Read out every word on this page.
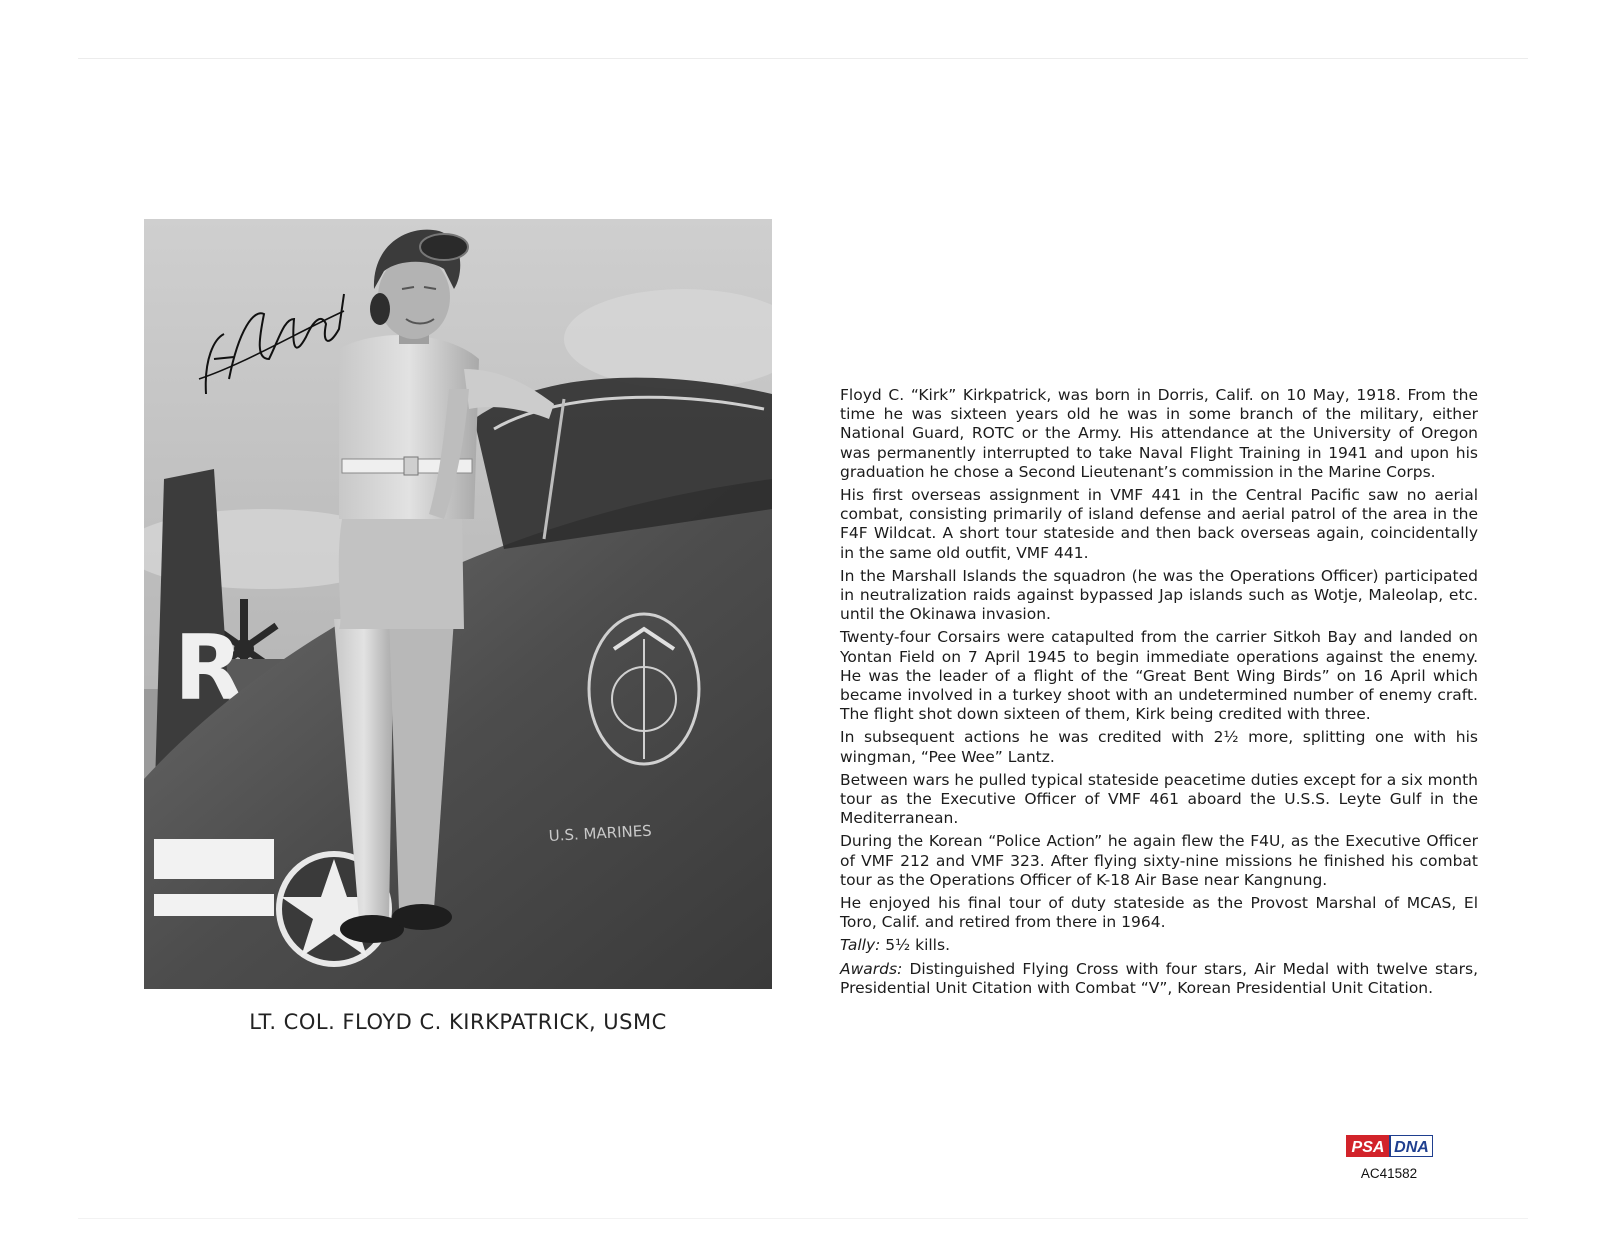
R
U.S. MARINES

LT. COL. FLOYD C. KIRKPATRICK, USMC

Floyd C. “Kirk” Kirkpatrick, was born in Dorris, Calif. on 10 May, 1918. From the time he was sixteen years old he was in some branch of the military, either National Guard, ROTC or the Army. His attendance at the University of Oregon was permanently interrupted to take Naval Flight Training in 1941 and upon his graduation he chose a Second Lieutenant’s commission in the Marine Corps.

His first overseas assignment in VMF 441 in the Central Pacific saw no aerial combat, consisting primarily of island defense and aerial patrol of the area in the F4F Wildcat. A short tour stateside and then back overseas again, coincidentally in the same old outfit, VMF 441.

In the Marshall Islands the squadron (he was the Operations Officer) participated in neutralization raids against bypassed Jap islands such as Wotje, Maleolap, etc. until the Okinawa invasion.

Twenty-four Corsairs were catapulted from the carrier Sitkoh Bay and landed on Yontan Field on 7 April 1945 to begin immediate operations against the enemy. He was the leader of a flight of the “Great Bent Wing Birds” on 16 April which became involved in a turkey shoot with an undetermined number of enemy craft. The flight shot down sixteen of them, Kirk being credited with three.

In subsequent actions he was credited with 2½ more, splitting one with his wingman, “Pee Wee” Lantz.

Between wars he pulled typical stateside peacetime duties except for a six month tour as the Executive Officer of VMF 461 aboard the U.S.S. Leyte Gulf in the Mediterranean.

During the Korean “Police Action” he again flew the F4U, as the Executive Officer of VMF 212 and VMF 323. After flying sixty-nine missions he finished his combat tour as the Operations Officer of K-18 Air Base near Kangnung.

He enjoyed his final tour of duty stateside as the Provost Marshal of MCAS, El Toro, Calif. and retired from there in 1964.

Tally: 5½ kills.

Awards: Distinguished Flying Cross with four stars, Air Medal with twelve stars, Presidential Unit Citation with Combat “V”, Korean Presidential Unit Citation.

PSA DNA
AC41582
